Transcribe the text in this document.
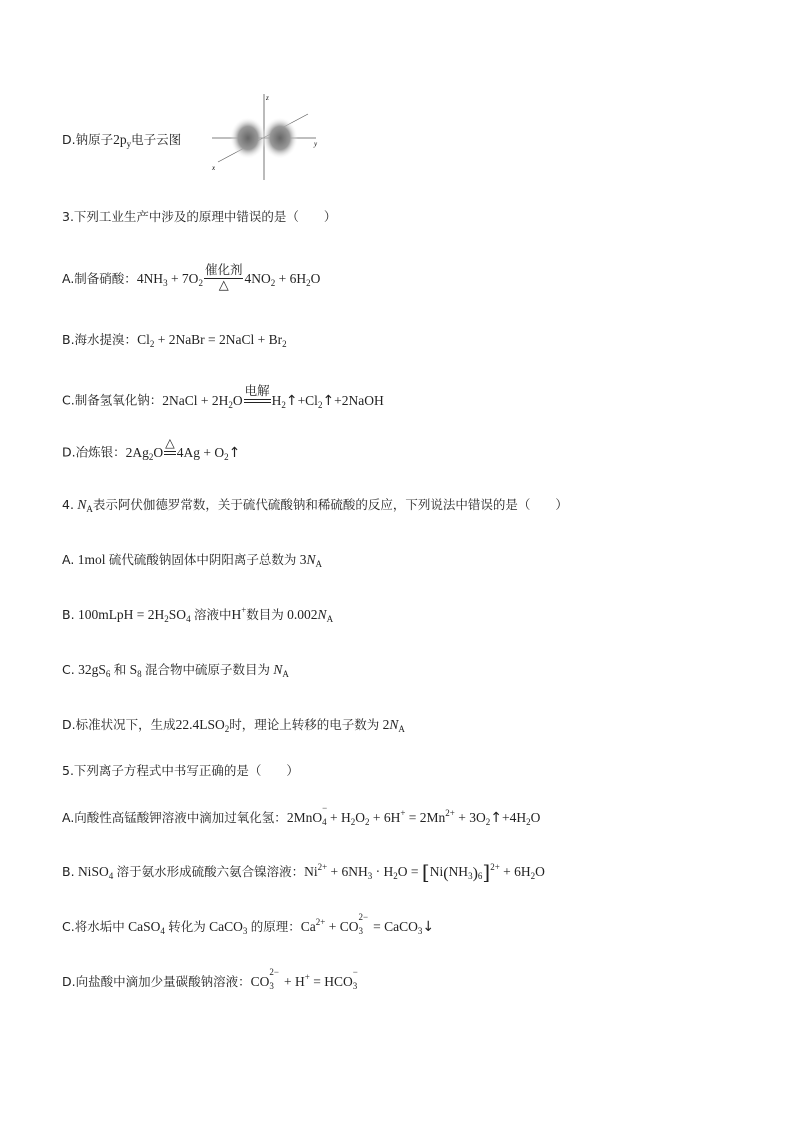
D.钠原子$2p_y$电子云图
z
y
x
3.下列工业生产中涉及的原理中错误的是（　　）
A.制备硝酸：$4NH_3 + 7O_2$
催化剂
△	$4NO_2 + 6H_2O$
B.海水提溴：$Cl_2$ + 2NaBr = 2NaCl + $Br_2$
C.制备氢氧化钠：2NaCl + $2H_2O$
电解
$H_2↑+Cl_2↑+2NaOH$
D.冶炼银：$2Ag_2O$
△
$4Ag + O_2↑$
4. $N_A$表示阿伏伽德罗常数，关于硫代硫酸钠和稀硫酸的反应，下列说法中错误的是（　　）
A. 1mol 硫代硫酸钠固体中阴阳离子总数为 $3N_A$
B. 100mLpH = $2H_2SO_4$ 溶液中H+数目为 $0.002N_A$
C. $32gS_6$ 和 $S_8$ 混合物中硫原子数目为 $N_A$
D.标准状况下，生成$22.4LSO_2$时，理论上转移的电子数为 $2N_A$
5.下列离子方程式中书写正确的是（　　）
A.向酸性高锰酸钾溶液中滴加过氧化氢：2MnO
$_{- 4} + H_2O_2 + 6H^+ = 2Mn^{2+}$ + $3O_2↑+4H_2O$
B. NiSO$_4$ 溶于氨水形成硫酸六氨合镍溶液：$Ni^{2+} + 6NH_3 \cdot H_2O = [Ni(NH_3)_6]^{2+} + 6H_2O$
C.将水垢中 CaSO$_4$ 转化为 CaCO$_3$ 的原理：$Ca^{2+}$ + CO
$_{2- 3}$   = CaCO$_3$↓
D.向盐酸中滴加少量碳酸钠溶液：CO
$_{2- 3}$   + H+ = HCO
$_{- 3}$
